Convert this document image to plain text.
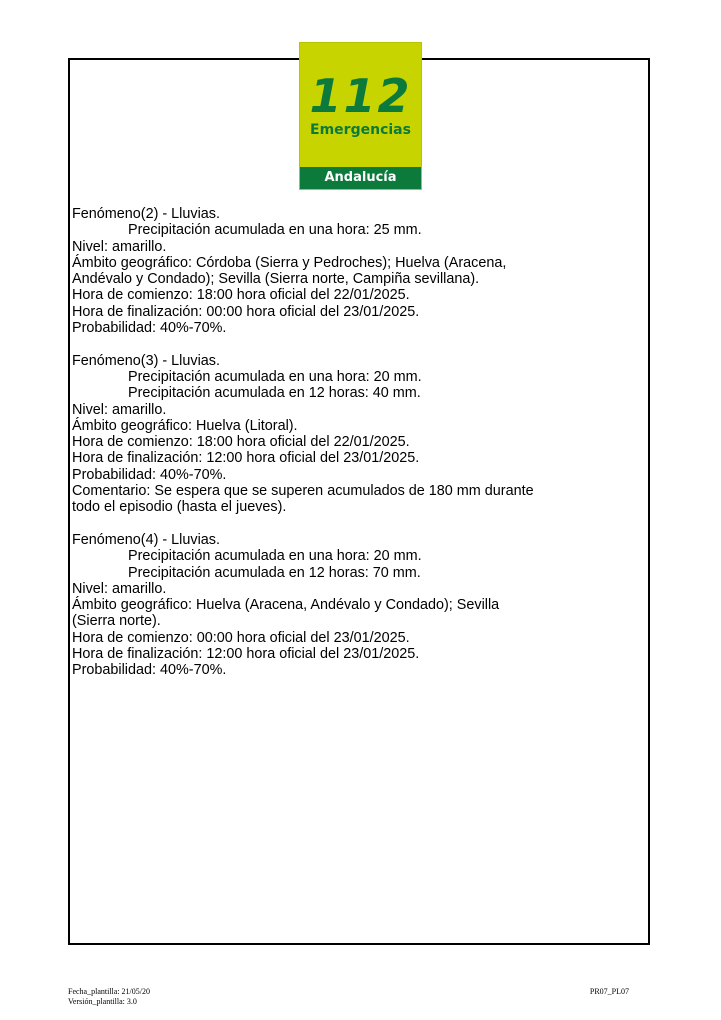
112
Emergencias
Andalucía
Fenómeno(2) - Lluvias.
Precipitación acumulada en una hora: 25 mm.
Nivel: amarillo.
Ámbito geográfico: Córdoba (Sierra y Pedroches); Huelva (Aracena,
Andévalo y Condado); Sevilla (Sierra norte, Campiña sevillana).
Hora de comienzo: 18:00 hora oficial del 22/01/2025.
Hora de finalización: 00:00 hora oficial del 23/01/2025.
Probabilidad: 40%-70%.
Fenómeno(3) - Lluvias.
Precipitación acumulada en una hora: 20 mm.
Precipitación acumulada en 12 horas: 40 mm.
Nivel: amarillo.
Ámbito geográfico: Huelva (Litoral).
Hora de comienzo: 18:00 hora oficial del 22/01/2025.
Hora de finalización: 12:00 hora oficial del 23/01/2025.
Probabilidad: 40%-70%.
Comentario: Se espera que se superen acumulados de 180 mm durante
todo el episodio (hasta el jueves).
Fenómeno(4) - Lluvias.
Precipitación acumulada en una hora: 20 mm.
Precipitación acumulada en 12 horas: 70 mm.
Nivel: amarillo.
Ámbito geográfico: Huelva (Aracena, Andévalo y Condado); Sevilla
(Sierra norte).
Hora de comienzo: 00:00 hora oficial del 23/01/2025.
Hora de finalización: 12:00 hora oficial del 23/01/2025.
Probabilidad: 40%-70%.
Fecha_plantilla: 21/05/20
Versión_plantilla: 3.0
PR07_PL07
